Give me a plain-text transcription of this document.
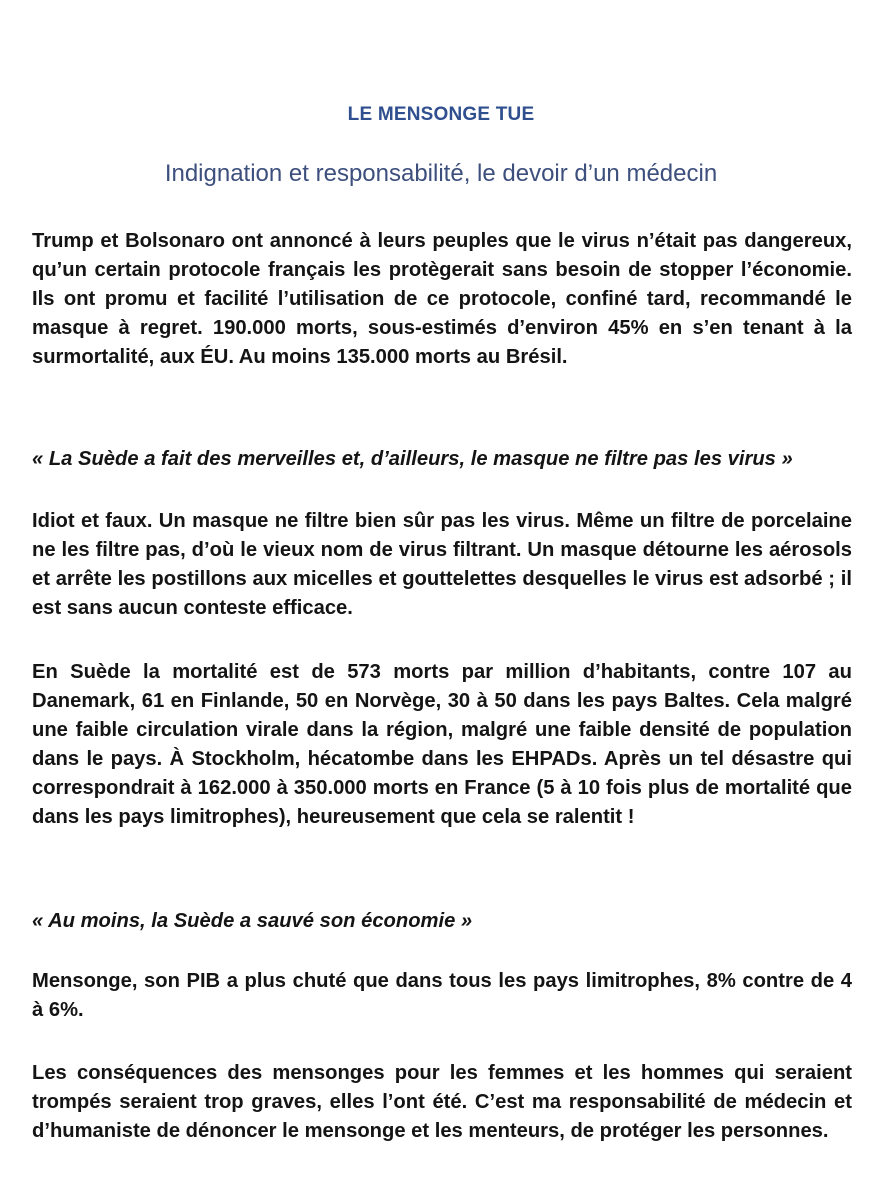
LE MENSONGE TUE
Indignation et responsabilité, le devoir d’un médecin

Trump et Bolsonaro ont annoncé à leurs peuples que le virus n’était pas dangereux, qu’un certain protocole français les protègerait sans besoin de stopper l’économie. Ils ont promu et facilité l’utilisation de ce protocole, confiné tard, recommandé le masque à regret. 190.000 morts, sous-estimés d’environ 45% en s’en tenant à la surmortalité, aux ÉU. Au moins 135.000 morts au Brésil.

« La Suède a fait des merveilles et, d’ailleurs, le masque ne filtre pas les virus »

Idiot et faux. Un masque ne filtre bien sûr pas les virus. Même un filtre de porcelaine ne les filtre pas, d’où le vieux nom de virus filtrant. Un masque détourne les aérosols et arrête les postillons aux micelles et gouttelettes desquelles le virus est adsorbé ; il est sans aucun conteste efficace.

En Suède la mortalité est de 573 morts par million d’habitants, contre 107 au Danemark, 61 en Finlande, 50 en Norvège, 30 à 50 dans les pays Baltes. Cela malgré une faible circulation virale dans la région, malgré une faible densité de population dans le pays. À Stockholm, hécatombe dans les EHPADs. Après un tel désastre qui correspondrait à 162.000 à 350.000 morts en France (5 à 10 fois plus de mortalité que dans les pays limitrophes), heureusement que cela se ralentit !

« Au moins, la Suède a sauvé son économie »

Mensonge, son PIB a plus chuté que dans tous les pays limitrophes, 8% contre de 4 à 6%.

Les conséquences des mensonges pour les femmes et les hommes qui seraient trompés seraient trop graves, elles l’ont été. C’est ma responsabilité de médecin et d’humaniste de dénoncer le mensonge et les menteurs, de protéger les personnes.
